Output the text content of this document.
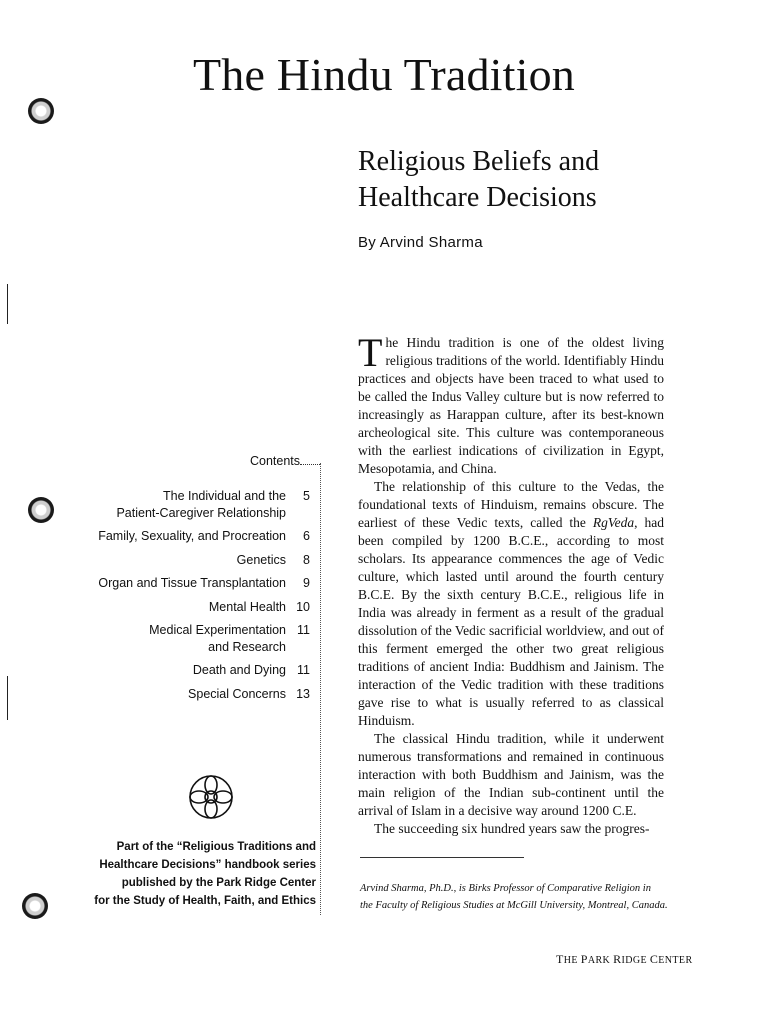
The Hindu Tradition
Religious Beliefs and
Healthcare Decisions
By Arvind Sharma
Contents
The Individual and the
Patient-Caregiver Relationship
5
Family, Sexuality, and Procreation	6
Genetics	8
Organ and Tissue Transplantation	9
Mental Health 10
Medical Experimentation
and Research
11
Death and Dying 11
Special Concerns 13
Part of the “Religious Traditions and
Healthcare Decisions” handbook series
published by the Park Ridge Center
for the Study of Health, Faith, and Ethics

The Hindu tradition is one of the oldest living religious traditions of the world. Identifiably Hindu practices and objects have been traced to what used to be called the Indus Valley culture but is now referred to increasingly as Harappan culture, after its best-known archeological site. This culture was contemporaneous with the earliest indications of civilization in Egypt, Mesopotamia, and China.

The relationship of this culture to the Vedas, the foundational texts of Hinduism, remains obscure. The earliest of these Vedic texts, called the RgVeda, had been compiled by 1200 B.C.E., according to most scholars. Its appearance commences the age of Vedic culture, which lasted until around the fourth century B.C.E. By the sixth century B.C.E., religious life in India was already in ferment as a result of the gradual dissolution of the Vedic sacrificial worldview, and out of this ferment emerged the other two great religious traditions of ancient India: Buddhism and Jainism. The interaction of the Vedic tradition with these traditions gave rise to what is usually referred to as classical Hinduism.

The classical Hindu tradition, while it underwent numerous transformations and remained in continuous interaction with both Buddhism and Jainism, was the main religion of the Indian sub-continent until the arrival of Islam in a decisive way around 1200 C.E.

The succeeding six hundred years saw the progres-

Arvind Sharma, Ph.D., is Birks Professor of Comparative Religion in
the Faculty of Religious Studies at McGill University, Montreal, Canada.
THE PARK RIDGE CENTER
